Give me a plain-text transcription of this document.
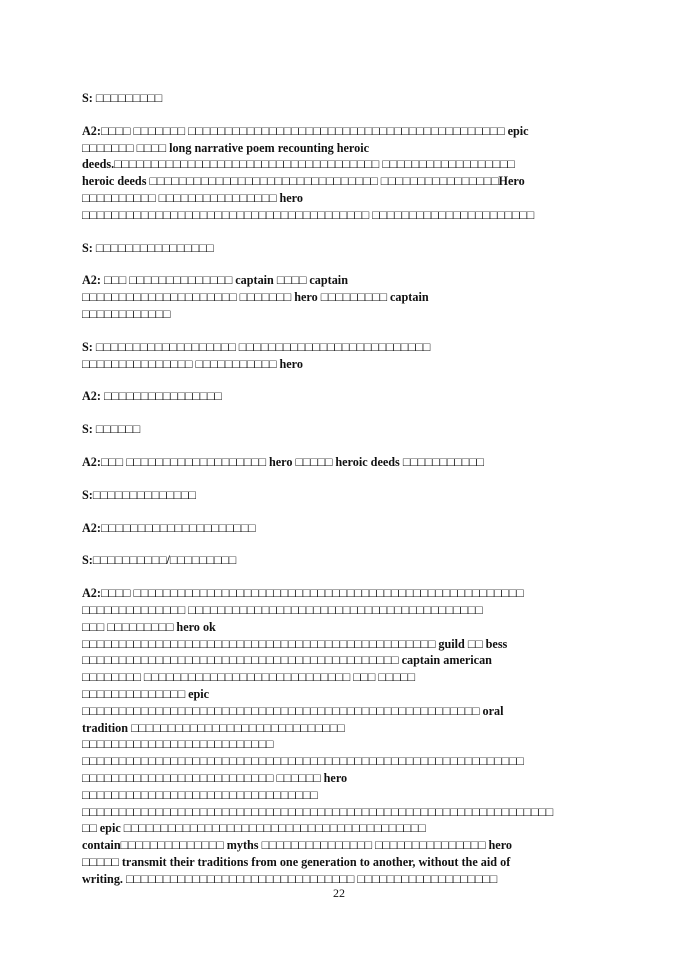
S: □□□□□□□□□
A2:□□□□ □□□□□□□ □□□□□□□□□□□□□□□□□□□□□□□□□□□□□□□□□□□□□□□□□□□ epic
□□□□□□□ □□□□ long narrative poem recounting heroic
deeds.□□□□□□□□□□□□□□□□□□□□□□□□□□□□□□□□□□□□ □□□□□□□□□□□□□□□□□□
heroic deeds □□□□□□□□□□□□□□□□□□□□□□□□□□□□□□□ □□□□□□□□□□□□□□□□Hero
□□□□□□□□□□ □□□□□□□□□□□□□□□□ hero
□□□□□□□□□□□□□□□□□□□□□□□□□□□□□□□□□□□□□□□ □□□□□□□□□□□□□□□□□□□□□□
S: □□□□□□□□□□□□□□□□
A2: □□□ □□□□□□□□□□□□□□ captain □□□□ captain
□□□□□□□□□□□□□□□□□□□□□ □□□□□□□ hero □□□□□□□□□ captain
□□□□□□□□□□□□
S: □□□□□□□□□□□□□□□□□□□ □□□□□□□□□□□□□□□□□□□□□□□□□□
□□□□□□□□□□□□□□□ □□□□□□□□□□□ hero
A2: □□□□□□□□□□□□□□□□
S: □□□□□□
A2:□□□ □□□□□□□□□□□□□□□□□□□ hero □□□□□ heroic deeds □□□□□□□□□□□
S:□□□□□□□□□□□□□□
A2:□□□□□□□□□□□□□□□□□□□□□
S:□□□□□□□□□□/□□□□□□□□□
A2:□□□□ □□□□□□□□□□□□□□□□□□□□□□□□□□□□□□□□□□□□□□□□□□□□□□□□□□□□□
□□□□□□□□□□□□□□ □□□□□□□□□□□□□□□□□□□□□□□□□□□□□□□□□□□□□□□□
□□□ □□□□□□□□□ hero ok
□□□□□□□□□□□□□□□□□□□□□□□□□□□□□□□□□□□□□□□□□□□□□□□□ guild □□ bess
□□□□□□□□□□□□□□□□□□□□□□□□□□□□□□□□□□□□□□□□□□□ captain american
□□□□□□□□ □□□□□□□□□□□□□□□□□□□□□□□□□□□□ □□□ □□□□□
□□□□□□□□□□□□□□ epic
□□□□□□□□□□□□□□□□□□□□□□□□□□□□□□□□□□□□□□□□□□□□□□□□□□□□□□ oral
tradition □□□□□□□□□□□□□□□□□□□□□□□□□□□□□
□□□□□□□□□□□□□□□□□□□□□□□□□□
□□□□□□□□□□□□□□□□□□□□□□□□□□□□□□□□□□□□□□□□□□□□□□□□□□□□□□□□□□□□
□□□□□□□□□□□□□□□□□□□□□□□□□□ □□□□□□ hero
□□□□□□□□□□□□□□□□□□□□□□□□□□□□□□□□
□□□□□□□□□□□□□□□□□□□□□□□□□□□□□□□□□□□□□□□□□□□□□□□□□□□□□□□□□□□□□□□□
□□ epic □□□□□□□□□□□□□□□□□□□□□□□□□□□□□□□□□□□□□□□□□
contain□□□□□□□□□□□□□□ myths □□□□□□□□□□□□□□□ □□□□□□□□□□□□□□□ hero
□□□□□ transmit their traditions from one generation to another, without the aid of
writing. □□□□□□□□□□□□□□□□□□□□□□□□□□□□□□□ □□□□□□□□□□□□□□□□□□□
22
